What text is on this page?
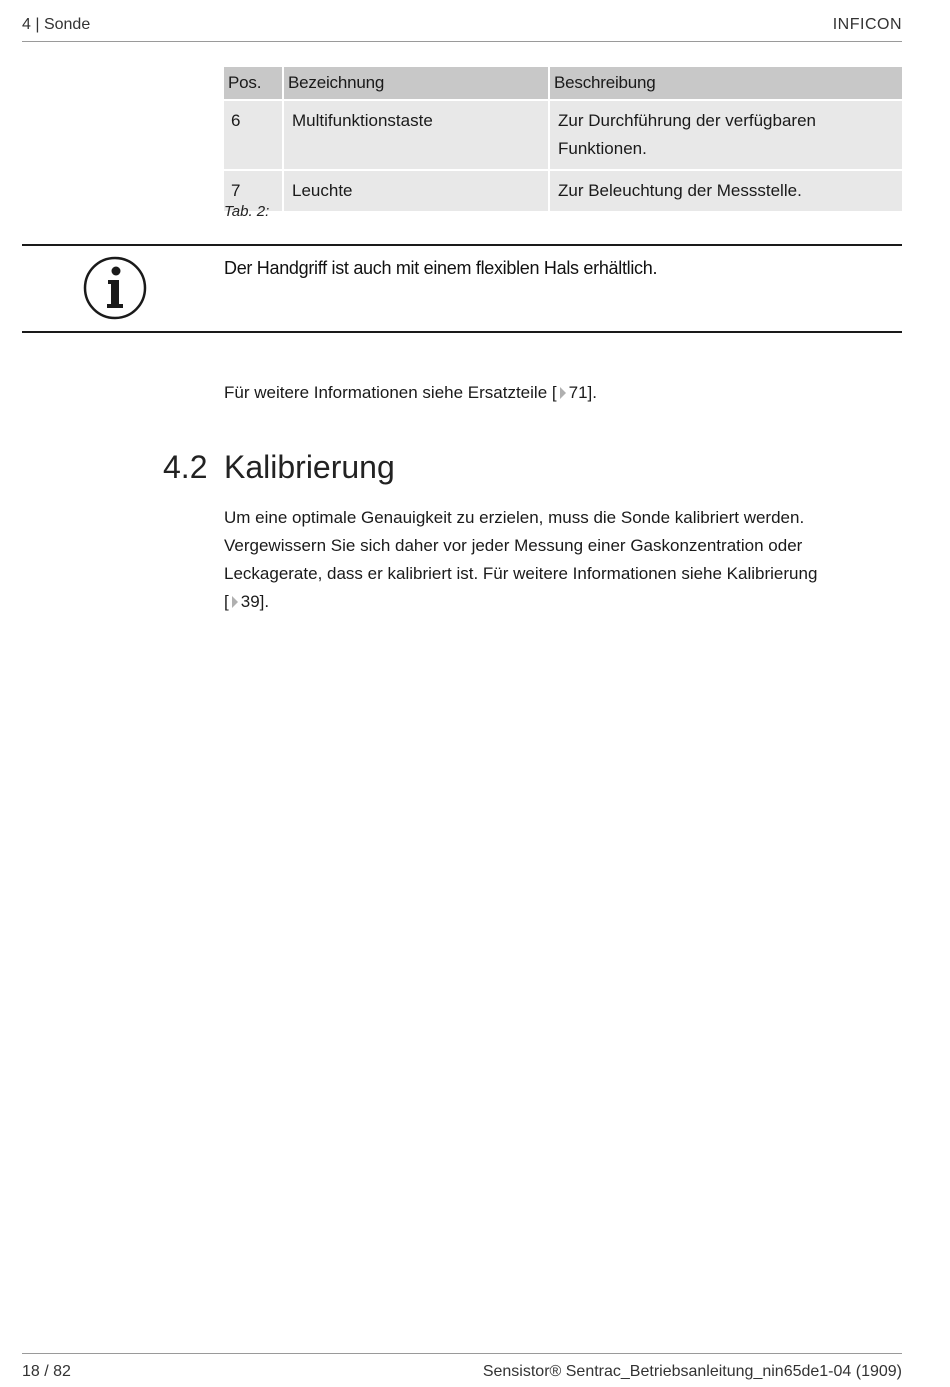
4 | Sonde	INFICON
Pos.	Bezeichnung	Beschreibung
6	Multifunktionstaste	Zur Durchführung der verfügbaren Funktionen.
7	Leuchte	Zur Beleuchtung der Messstelle.
Tab. 2:
Der Handgriff ist auch mit einem flexiblen Hals erhältlich.
Für weitere Informationen siehe Ersatzteile [ 71].
4.2 Kalibrierung
Um eine optimale Genauigkeit zu erzielen, muss die Sonde kalibriert werden.
Vergewissern Sie sich daher vor jeder Messung einer Gaskonzentration oder
Leckagerate, dass er kalibriert ist. Für weitere Informationen siehe Kalibrierung
[ 39].
18 / 82	Sensistor® Sentrac_Betriebsanleitung_nin65de1-04 (1909)
